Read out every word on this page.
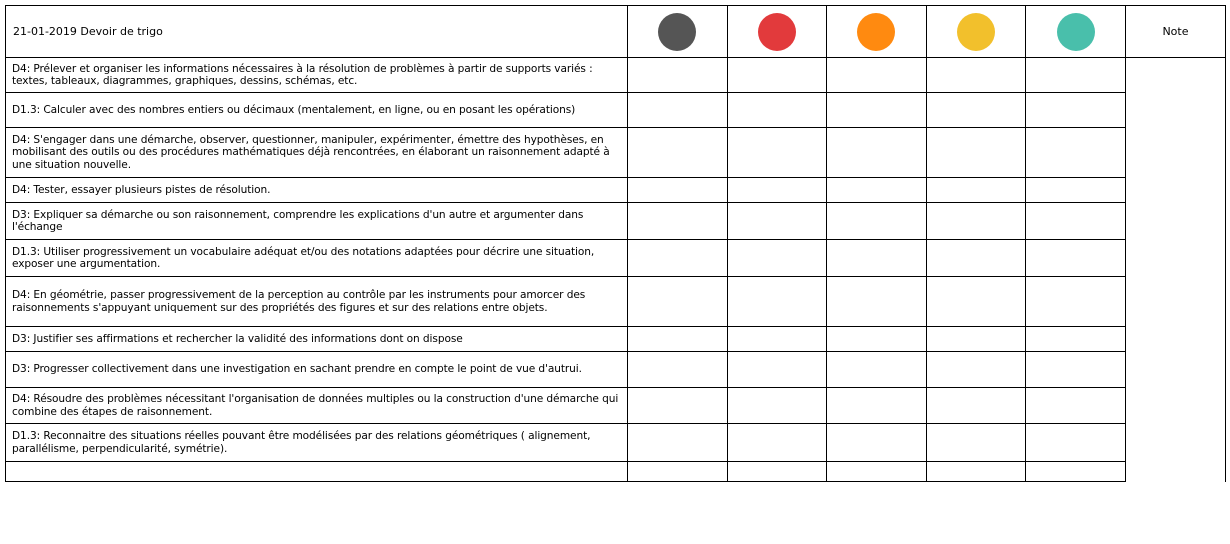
21-01-2019 Devoir de trigo						Note
D4: Prélever et organiser les informations nécessaires à la résolution de problèmes à partir de supports variés : textes, tableaux, diagrammes, graphiques, dessins, schémas, etc.						
D1.3: Calculer avec des nombres entiers ou décimaux (mentalement, en ligne, ou en posant les opérations)						
D4: S'engager dans une démarche, observer, questionner, manipuler, expérimenter, émettre des hypothèses, en mobilisant des outils ou des procédures mathématiques déjà rencontrées, en élaborant un raisonnement adapté à une situation nouvelle.						
D4: Tester, essayer plusieurs pistes de résolution.						
D3: Expliquer sa démarche ou son raisonnement, comprendre les explications d'un autre et argumenter dans l'échange						
D1.3: Utiliser progressivement un vocabulaire adéquat et/ou des notations adaptées pour décrire une situation, exposer une argumentation.						
D4: En géométrie, passer progressivement de la perception au contrôle par les instruments pour amorcer des raisonnements s'appuyant uniquement sur des propriétés des figures et sur des relations entre objets.						
D3: Justifier ses affirmations et rechercher la validité des informations dont on dispose						
D3: Progresser collectivement dans une investigation en sachant prendre en compte le point de vue d'autrui.						
D4: Résoudre des problèmes nécessitant l'organisation de données multiples ou la construction d'une démarche qui combine des étapes de raisonnement.						
D1.3: Reconnaitre des situations réelles pouvant être modélisées par des relations géométriques ( alignement, parallélisme, perpendicularité, symétrie).						
